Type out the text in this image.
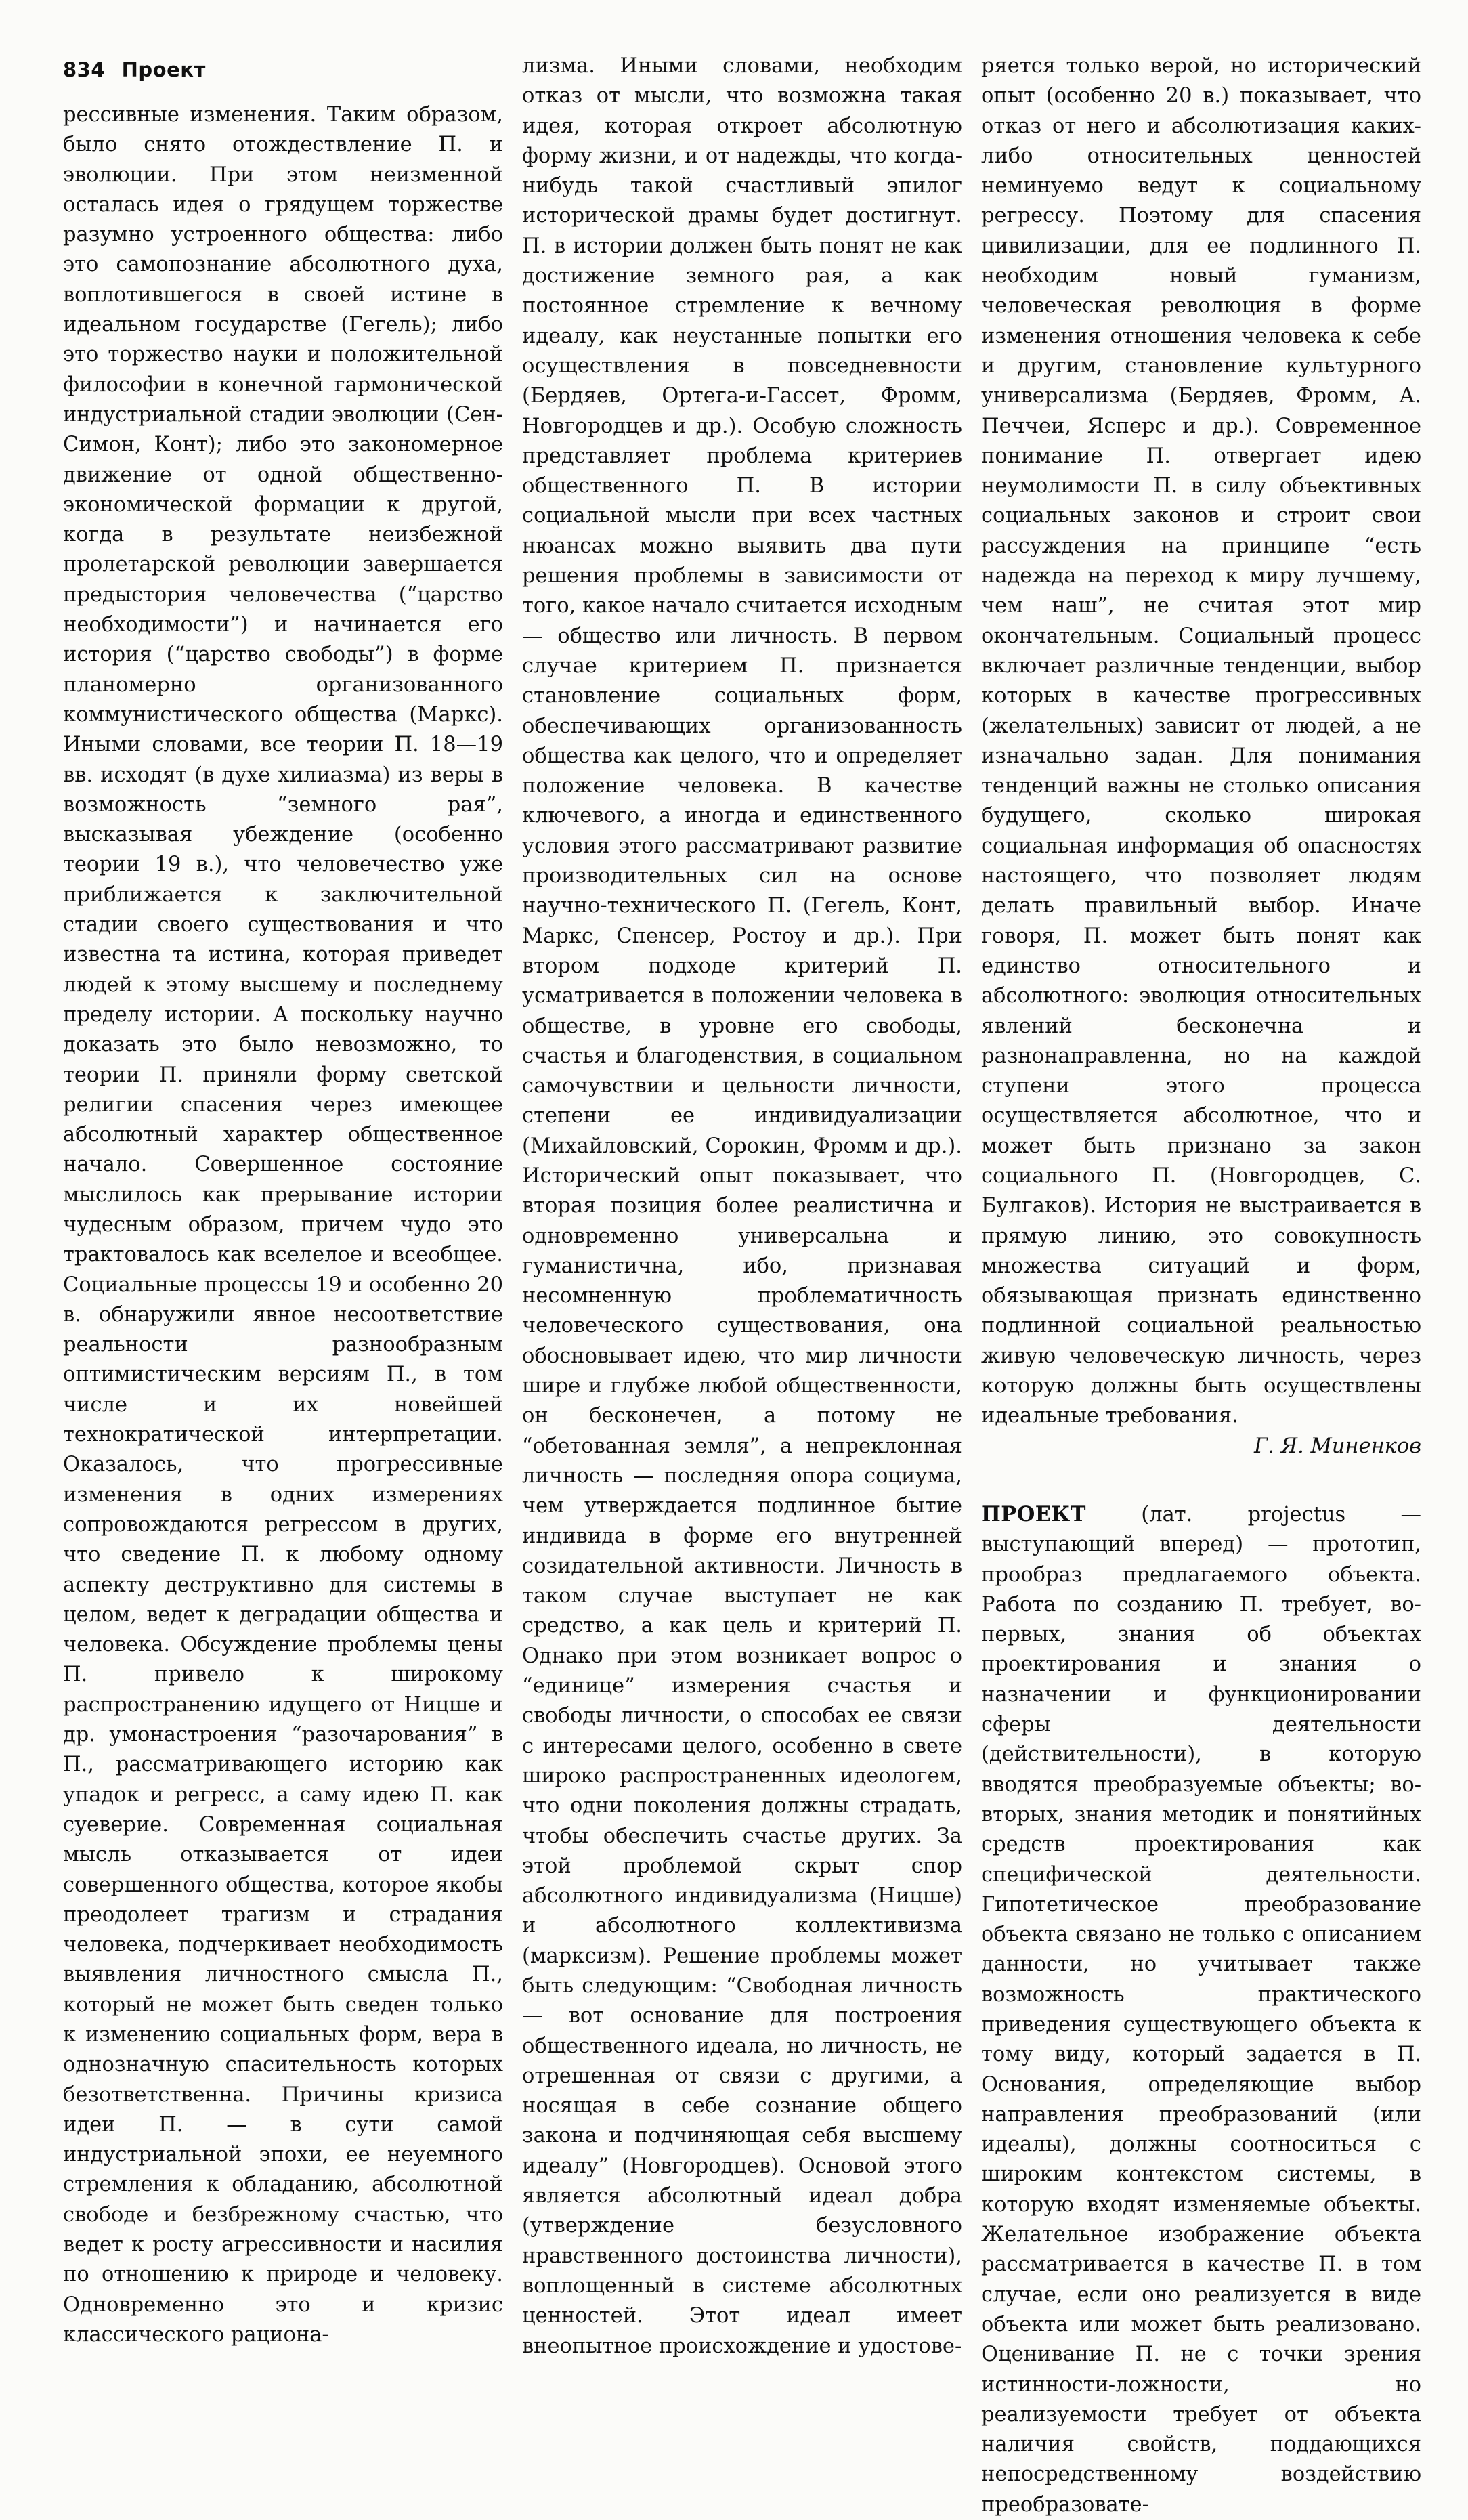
834 Проект

рессивные изменения. Таким образом, было снято отождествление П. и эволюции. При этом неизменной осталась идея о грядущем торжестве разумно устроенного общества: либо это самопознание абсолютного духа, воплотившегося в своей истине в идеальном государстве (Гегель); либо это торжество науки и положительной философии в конечной гармонической индустриальной стадии эволюции (Сен-Симон, Конт); либо это закономерное движение от одной общественно-экономической формации к другой, когда в результате неизбежной пролетарской революции завершается предыстория человечества (“царство необходимости”) и начинается его история (“царство свободы”) в форме планомерно организованного коммунистического общества (Маркс). Иными словами, все теории П. 18—19 вв. исходят (в духе хилиазма) из веры в возможность “земного рая”, высказывая убеждение (особенно теории 19 в.), что человечество уже приближается к заключительной стадии своего существования и что известна та истина, которая приведет людей к этому высшему и последнему пределу истории. А поскольку научно доказать это было невозможно, то теории П. приняли форму светской религии спасения через имеющее абсолютный характер общественное начало. Совершенное состояние мыслилось как прерывание истории чудесным образом, причем чудо это трактовалось как вселелое и всеобщее. Социальные процессы 19 и особенно 20 в. обнаружили явное несоответствие реальности разнообразным оптимистическим версиям П., в том числе и их новейшей технократической интерпретации. Оказалось, что прогрессивные изменения в одних измерениях сопровождаются регрессом в других, что сведение П. к любому одному аспекту деструктивно для системы в целом, ведет к деградации общества и человека. Обсуждение проблемы цены П. привело к широкому распространению идущего от Ницше и др. умонастроения “разочарования” в П., рассматривающего историю как упадок и регресс, а саму идею П. как суеверие. Современная социальная мысль отказывается от идеи совершенного общества, которое якобы преодолеет трагизм и страдания человека, подчеркивает необходимость выявления личностного смысла П., который не может быть сведен только к изменению социальных форм, вера в однозначную спасительность которых безответственна. Причины кризиса идеи П. — в сути самой индустриальной эпохи, ее неуемного стремления к обладанию, абсолютной свободе и безбрежному счастью, что ведет к росту агрессивности и насилия по отношению к природе и человеку. Одновременно это и кризис классического рациона-

лизма. Иными словами, необходим отказ от мысли, что возможна такая идея, которая откроет абсолютную форму жизни, и от надежды, что когда-нибудь такой счастливый эпилог исторической драмы будет достигнут. П. в истории должен быть понят не как достижение земного рая, а как постоянное стремление к вечному идеалу, как неустанные попытки его осуществления в повседневности (Бердяев, Ортега-и-Гассет, Фромм, Новгородцев и др.). Особую сложность представляет проблема критериев общественного П. В истории социальной мысли при всех частных нюансах можно выявить два пути решения проблемы в зависимости от того, какое начало считается исходным — общество или личность. В первом случае критерием П. признается становление социальных форм, обеспечивающих организованность общества как целого, что и определяет положение человека. В качестве ключевого, а иногда и единственного условия этого рассматривают развитие производительных сил на основе научно-технического П. (Гегель, Конт, Маркс, Спенсер, Ростоу и др.). При втором подходе критерий П. усматривается в положении человека в обществе, в уровне его свободы, счастья и благоденствия, в социальном самочувствии и цельности личности, степени ее индивидуализации (Михайловский, Сорокин, Фромм и др.). Исторический опыт показывает, что вторая позиция более реалистична и одновременно универсальна и гуманистична, ибо, признавая несомненную проблематичность человеческого существования, она обосновывает идею, что мир личности шире и глубже любой общественности, он бесконечен, а потому не “обетованная земля”, а непреклонная личность — последняя опора социума, чем утверждается подлинное бытие индивида в форме его внутренней созидательной активности. Личность в таком случае выступает не как средство, а как цель и критерий П. Однако при этом возникает вопрос о “единице” измерения счастья и свободы личности, о способах ее связи с интересами целого, особенно в свете широко распространенных идеологем, что одни поколения должны страдать, чтобы обеспечить счастье других. За этой проблемой скрыт спор абсолютного индивидуализма (Ницше) и абсолютного коллективизма (марксизм). Решение проблемы может быть следующим: “Свободная личность — вот основание для построения общественного идеала, но личность, не отрешенная от связи с другими, а носящая в себе сознание общего закона и подчиняющая себя высшему идеалу” (Новгородцев). Основой этого является абсолютный идеал добра (утверждение безусловного нравственного достоинства личности), воплощенный в системе абсолютных ценностей. Этот идеал имеет внеопытное происхождение и удостове-

ряется только верой, но исторический опыт (особенно 20 в.) показывает, что отказ от него и абсолютизация каких-либо относительных ценностей неминуемо ведут к социальному регрессу. Поэтому для спасения цивилизации, для ее подлинного П. необходим новый гуманизм, человеческая революция в форме изменения отношения человека к себе и другим, становление культурного универсализма (Бердяев, Фромм, А. Печчеи, Ясперс и др.). Современное понимание П. отвергает идею неумолимости П. в силу объективных социальных законов и строит свои рассуждения на принципе “есть надежда на переход к миру лучшему, чем наш”, не считая этот мир окончательным. Социальный процесс включает различные тенденции, выбор которых в качестве прогрессивных (желательных) зависит от людей, а не изначально задан. Для понимания тенденций важны не столько описания будущего, сколько широкая социальная информация об опасностях настоящего, что позволяет людям делать правильный выбор. Иначе говоря, П. может быть понят как единство относительного и абсолютного: эволюция относительных явлений бесконечна и разнонаправленна, но на каждой ступени этого процесса осуществляется абсолютное, что и может быть признано за закон социального П. (Новгородцев, С. Булгаков). История не выстраивается в прямую линию, это совокупность множества ситуаций и форм, обязывающая признать единственно подлинной социальной реальностью живую человеческую личность, через которую должны быть осуществлены идеальные требования.

Г. Я. Миненков

ПРОЕКТ (лат. projectus — выступающий вперед) — прототип, прообраз предлагаемого объекта. Работа по созданию П. требует, во-первых, знания об объектах проектирования и знания о назначении и функционировании сферы деятельности (действительности), в которую вводятся преобразуемые объекты; во-вторых, знания методик и понятийных средств проектирования как специфической деятельности. Гипотетическое преобразование объекта связано не только с описанием данности, но учитывает также возможность практического приведения существующего объекта к тому виду, который задается в П. Основания, определяющие выбор направления преобразований (или идеалы), должны соотноситься с широким контекстом системы, в которую входят изменяемые объекты. Желательное изображение объекта рассматривается в качестве П. в том случае, если оно реализуется в виде объекта или может быть реализовано. Оценивание П. не с точки зрения истинности-ложности, но реализуемости требует от объекта наличия свойств, поддающихся непосредственному воздействию преобразовате-
